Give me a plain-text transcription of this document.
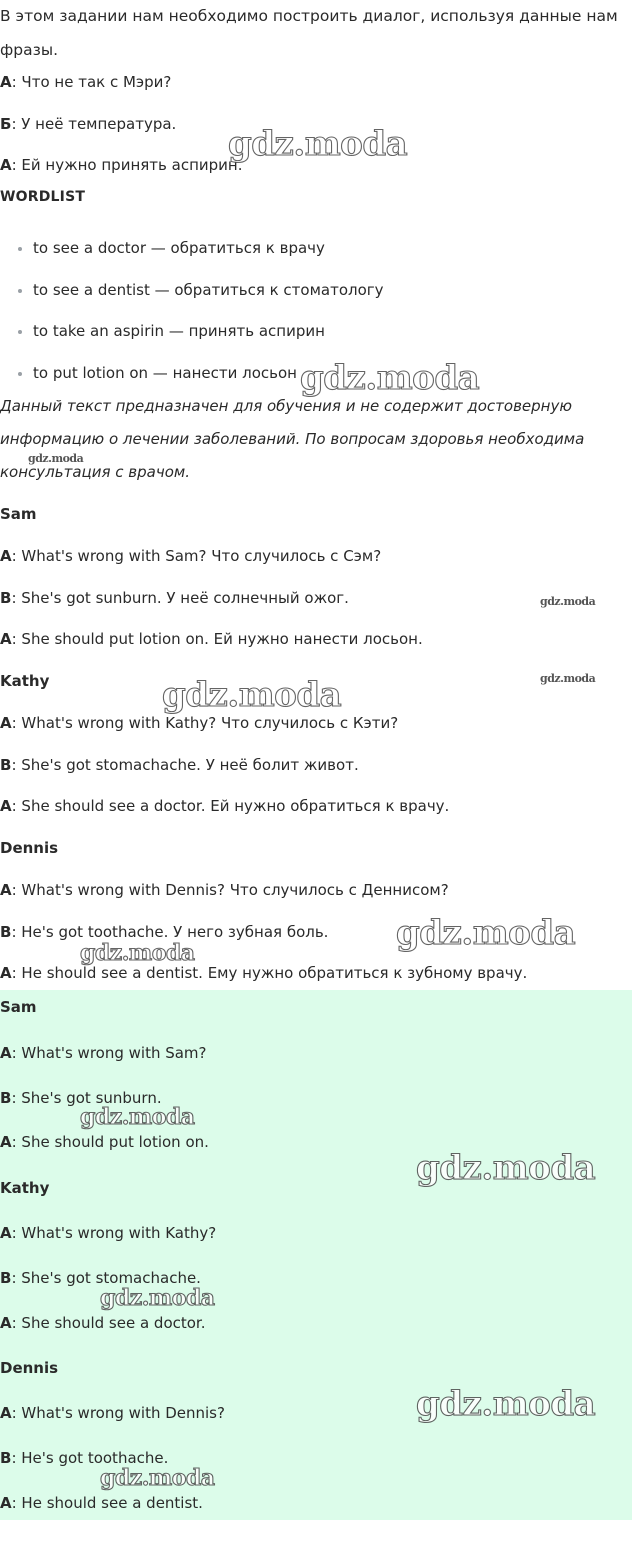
В этом задании нам необходимо построить диалог, используя данные нам
фразы.
А: Что не так с Мэри?
Б: У неё температура.
А: Ей нужно принять аспирин.
WORDLIST
to see a doctor — обратиться к врачу
to see a dentist — обратиться к стоматологу
to take an aspirin — принять аспирин
to put lotion on — нанести лосьон
Данный текст предназначен для обучения и не содержит достоверную
информацию о лечении заболеваний. По вопросам здоровья необходима
консультация с врачом.
Sam
A: What's wrong with Sam? Что случилось с Сэм?
B: She's got sunburn. У неё солнечный ожог.
A: She should put lotion on. Ей нужно нанести лосьон.
Kathy
A: What's wrong with Kathy? Что случилось с Кэти?
B: She's got stomachache. У неё болит живот.
A: She should see a doctor. Ей нужно обратиться к врачу.
Dennis
A: What's wrong with Dennis? Что случилось с Деннисом?
B: He's got toothache. У него зубная боль.
A: He should see a dentist. Ему нужно обратиться к зубному врачу.
Sam
A: What's wrong with Sam?
B: She's got sunburn.
A: She should put lotion on.
Kathy
A: What's wrong with Kathy?
B: She's got stomachache.
A: She should see a doctor.
Dennis
A: What's wrong with Dennis?
B: He's got toothache.
A: He should see a dentist.
gdz.moda
gdz.moda
gdz.moda
gdz.moda
gdz.moda
gdz.moda
gdz.moda
gdz.moda
gdz.moda
gdz.moda
gdz.moda
gdz.moda
gdz.moda
